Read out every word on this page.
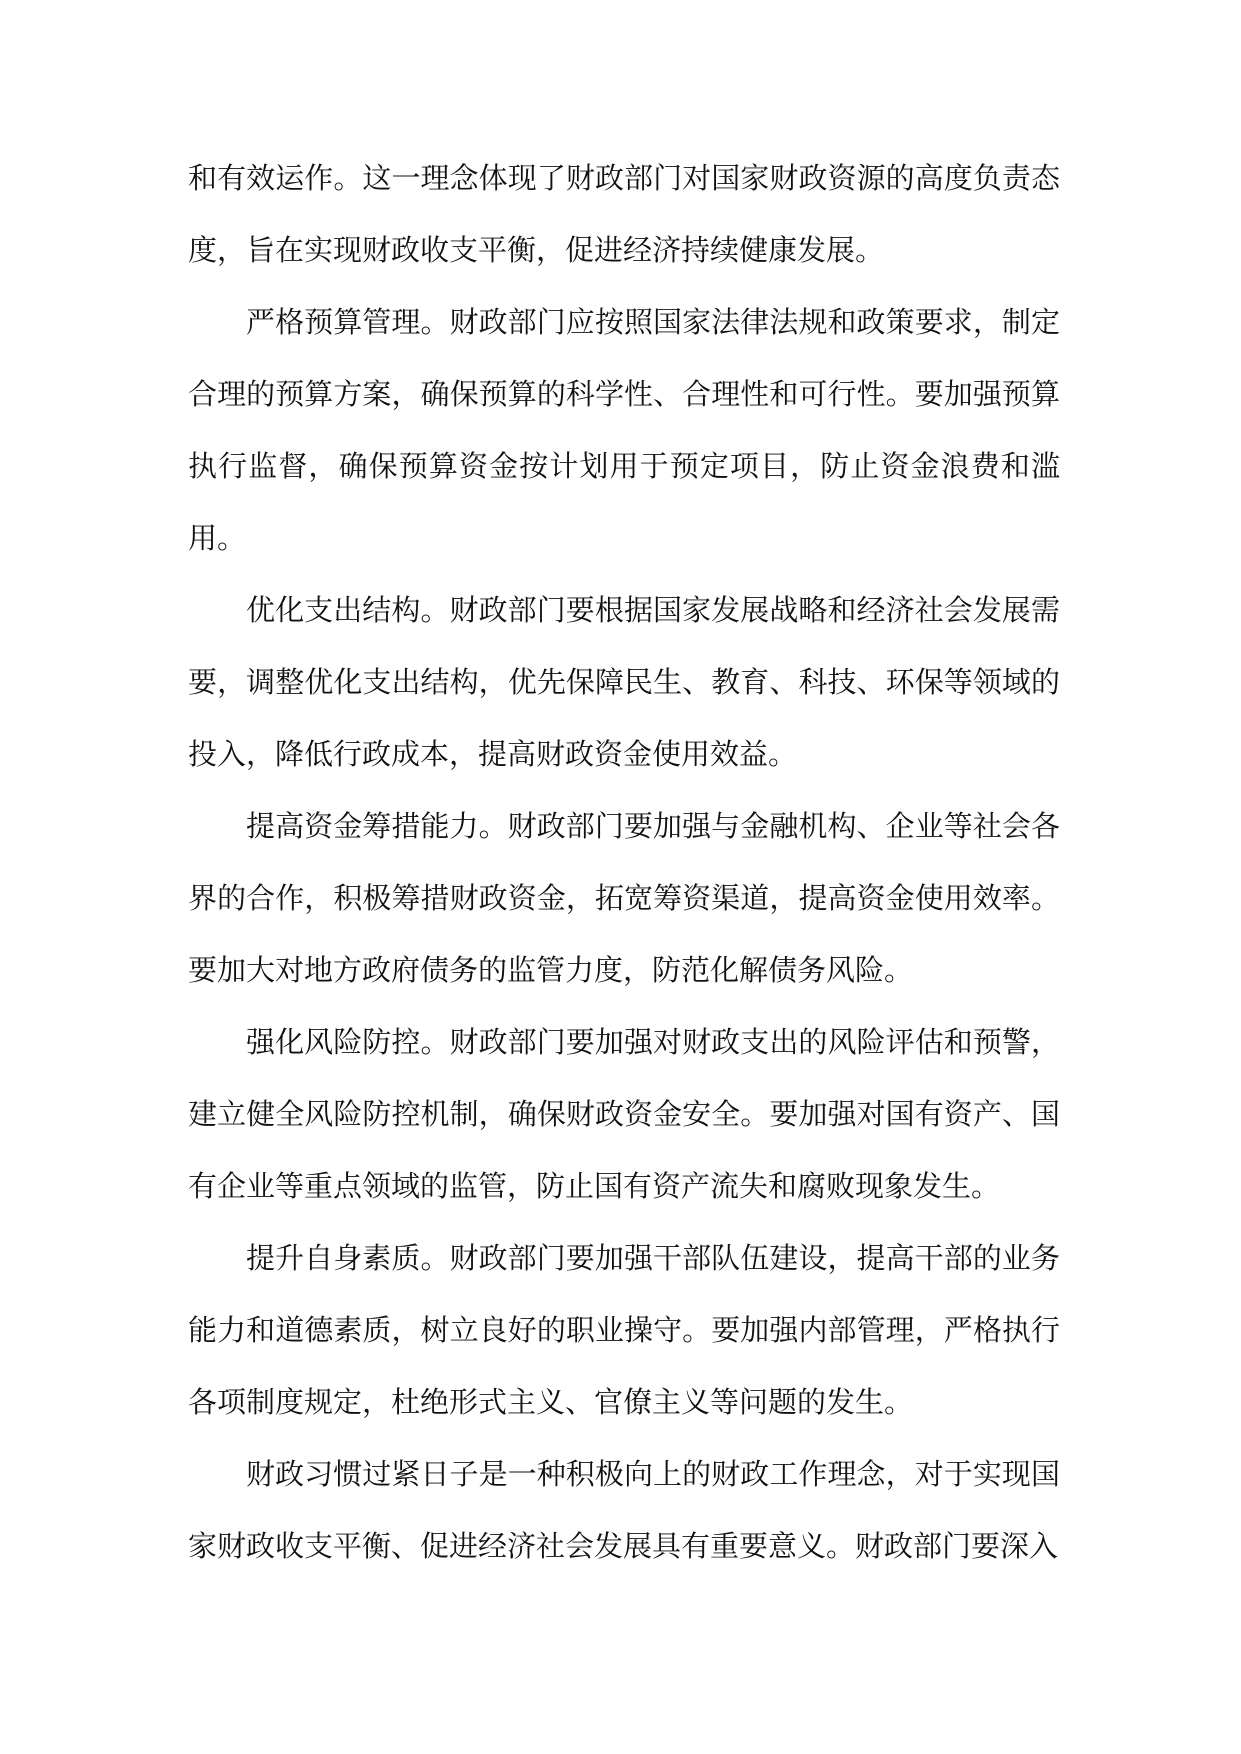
和有效运作。这一理念体现了财政部门对国家财政资源的高度负责态度，旨在实现财政收支平衡，促进经济持续健康发展。

严格预算管理。财政部门应按照国家法律法规和政策要求，制定合理的预算方案，确保预算的科学性、合理性和可行性。要加强预算执行监督，确保预算资金按计划用于预定项目，防止资金浪费和滥用。

优化支出结构。财政部门要根据国家发展战略和经济社会发展需要，调整优化支出结构，优先保障民生、教育、科技、环保等领域的投入，降低行政成本，提高财政资金使用效益。

提高资金筹措能力。财政部门要加强与金融机构、企业等社会各界的合作，积极筹措财政资金，拓宽筹资渠道，提高资金使用效率。要加大对地方政府债务的监管力度，防范化解债务风险。

强化风险防控。财政部门要加强对财政支出的风险评估和预警，建立健全风险防控机制，确保财政资金安全。要加强对国有资产、国有企业等重点领域的监管，防止国有资产流失和腐败现象发生。

提升自身素质。财政部门要加强干部队伍建设，提高干部的业务能力和道德素质，树立良好的职业操守。要加强内部管理，严格执行各项制度规定，杜绝形式主义、官僚主义等问题的发生。

财政习惯过紧日子是一种积极向上的财政工作理念，对于实现国家财政收支平衡、促进经济社会发展具有重要意义。财政部门要深入
